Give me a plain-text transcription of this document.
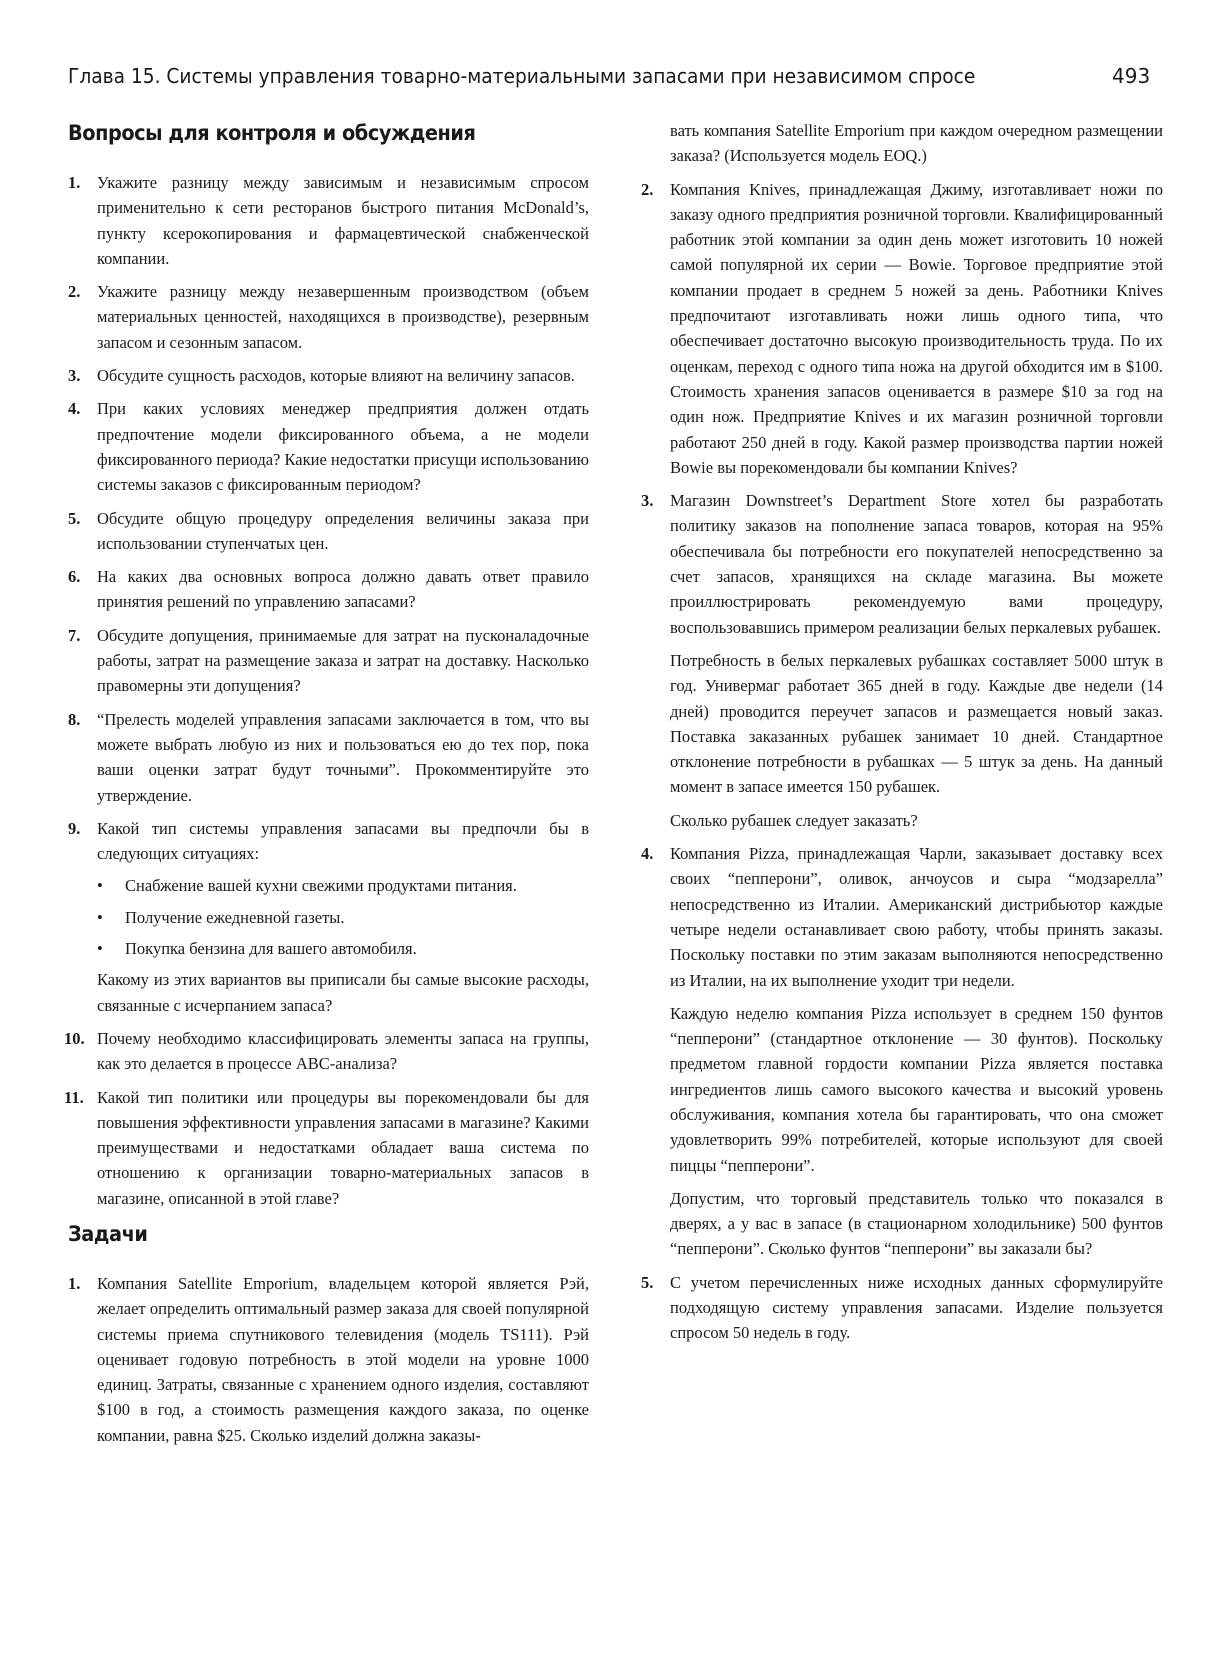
Глава 15. Системы управления товарно-материальными запасами при независимом спросе	493
Вопросы для контроля и обсуждения
1. Укажите разницу между зависимым и независимым спросом применительно к сети ресторанов быстрого питания McDonald’s, пункту ксерокопирования и фармацевтической снабженческой компании.

2. Укажите разницу между незавершенным производством (объем материальных ценностей, находящихся в производстве), резервным запасом и сезонным запасом.

3. Обсудите сущность расходов, которые влияют на величину запасов.

4. При каких условиях менеджер предприятия должен отдать предпочтение модели фиксированного объема, а не модели фиксированного периода? Какие недостатки присущи использованию системы заказов с фиксированным периодом?

5. Обсудите общую процедуру определения величины заказа при использовании ступенчатых цен.

6. На каких два основных вопроса должно давать ответ правило принятия решений по управлению запасами?

7. Обсудите допущения, принимаемые для затрат на пусконаладочные работы, затрат на размещение заказа и затрат на доставку. Насколько правомерны эти допущения?

8. “Прелесть моделей управления запасами заключается в том, что вы можете выбрать любую из них и пользоваться ею до тех пор, пока ваши оценки затрат будут точными”. Прокомментируйте это утверждение.

9. Какой тип системы управления запасами вы предпочли бы в следующих ситуациях:

• Снабжение вашей кухни свежими продуктами питания.
• Получение ежедневной газеты.
• Покупка бензина для вашего автомобиля.

Какому из этих вариантов вы приписали бы самые высокие расходы, связанные с исчерпанием запаса?

10. Почему необходимо классифицировать элементы запаса на группы, как это делается в процессе ABC-анализа?

11. Какой тип политики или процедуры вы порекомендовали бы для повышения эффективности управления запасами в магазине? Какими преимуществами и недостатками обладает ваша система по отношению к организации товарно-материальных запасов в магазине, описанной в этой главе?

Задачи
1. Компания Satellite Emporium, владельцем которой является Рэй, желает определить оптимальный размер заказа для своей популярной системы приема спутникового телевидения (модель TS111). Рэй оценивает годовую потребность в этой модели на уровне 1000 единиц. Затраты, связанные с хранением одного изделия, составляют $100 в год, а стоимость размещения каждого заказа, по оценке компании, равна $25. Сколько изделий должна заказы-

вать компания Satellite Emporium при каждом очередном размещении заказа? (Используется модель EOQ.)

2. Компания Knives, принадлежащая Джиму, изготавливает ножи по заказу одного предприятия розничной торговли. Квалифицированный работник этой компании за один день может изготовить 10 ножей самой популярной их серии — Bowie. Торговое предприятие этой компании продает в среднем 5 ножей за день. Работники Knives предпочитают изготавливать ножи лишь одного типа, что обеспечивает достаточно высокую производительность труда. По их оценкам, переход с одного типа ножа на другой обходится им в $100. Стоимость хранения запасов оценивается в размере $10 за год на один нож. Предприятие Knives и их магазин розничной торговли работают 250 дней в году. Какой размер производства партии ножей Bowie вы порекомендовали бы компании Knives?

3. Магазин Downstreet’s Department Store хотел бы разработать политику заказов на пополнение запаса товаров, которая на 95% обеспечивала бы потребности его покупателей непосредственно за счет запасов, хранящихся на складе магазина. Вы можете проиллюстрировать рекомендуемую вами процедуру, воспользовавшись примером реализации белых перкалевых рубашек.

Потребность в белых перкалевых рубашках составляет 5000 штук в год. Универмаг работает 365 дней в году. Каждые две недели (14 дней) проводится переучет запасов и размещается новый заказ. Поставка заказанных рубашек занимает 10 дней. Стандартное отклонение потребности в рубашках — 5 штук за день. На данный момент в запасе имеется 150 рубашек.

Сколько рубашек следует заказать?

4. Компания Pizza, принадлежащая Чарли, заказывает доставку всех своих “пепперони”, оливок, анчоусов и сыра “модзарелла” непосредственно из Италии. Американский дистрибьютор каждые четыре недели останавливает свою работу, чтобы принять заказы. Поскольку поставки по этим заказам выполняются непосредственно из Италии, на их выполнение уходит три недели.

Каждую неделю компания Pizza использует в среднем 150 фунтов “пепперони” (стандартное отклонение — 30 фунтов). Поскольку предметом главной гордости компании Pizza является поставка ингредиентов лишь самого высокого качества и высокий уровень обслуживания, компания хотела бы гарантировать, что она сможет удовлетворить 99% потребителей, которые используют для своей пиццы “пепперони”.

Допустим, что торговый представитель только что показался в дверях, а у вас в запасе (в стационарном холодильнике) 500 фунтов “пепперони”. Сколько фунтов “пепперони” вы заказали бы?

5. С учетом перечисленных ниже исходных данных сформулируйте подходящую систему управления запасами. Изделие пользуется спросом 50 недель в году.
